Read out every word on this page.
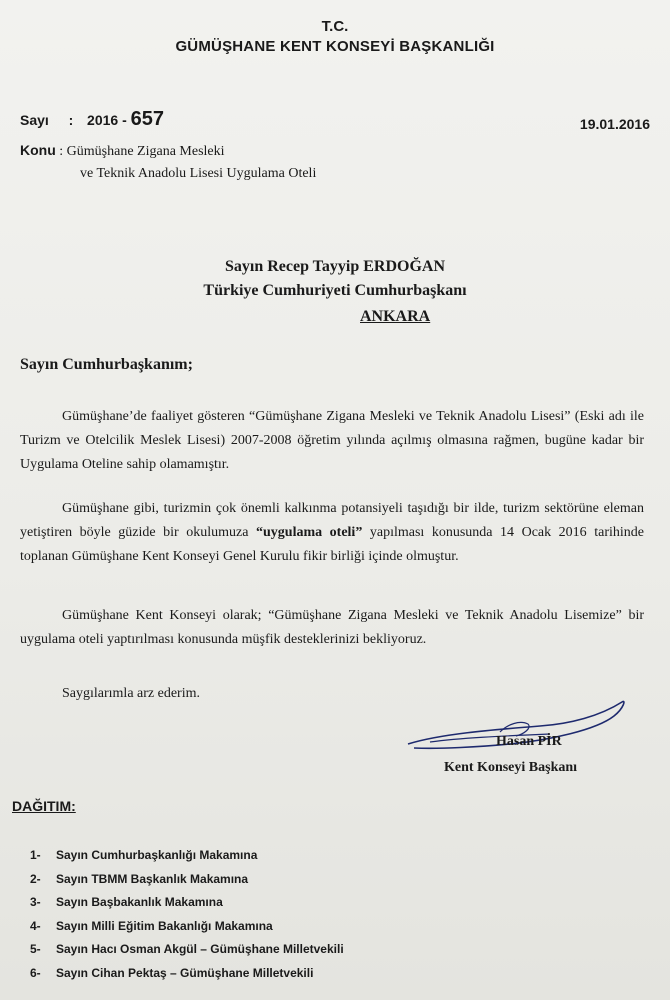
T.C.
GÜMÜŞHANE KENT KONSEYİ BAŞKANLIĞI
Sayı : 2016 - 657	19.01.2016
Konu : Gümüşhane Zigana Mesleki
ve Teknik Anadolu Lisesi Uygulama Oteli
Sayın Recep Tayyip ERDOĞAN
Türkiye Cumhuriyeti Cumhurbaşkanı
ANKARA
Sayın Cumhurbaşkanım;
Gümüşhane’de faaliyet gösteren “Gümüşhane Zigana Mesleki ve Teknik Anadolu Lisesi” (Eski adı ile Turizm ve Otelcilik Meslek Lisesi) 2007-2008 öğretim yılında açılmış olmasına rağmen, bugüne kadar bir Uygulama Oteline sahip olamamıştır.
Gümüşhane gibi, turizmin çok önemli kalkınma potansiyeli taşıdığı bir ilde, turizm sektörüne eleman yetiştiren böyle güzide bir okulumuza “uygulama oteli” yapılması konusunda 14 Ocak 2016 tarihinde toplanan Gümüşhane Kent Konseyi Genel Kurulu fikir birliği içinde olmuştur.
Gümüşhane Kent Konseyi olarak; “Gümüşhane Zigana Mesleki ve Teknik Anadolu Lisemize” bir uygulama oteli yaptırılması konusunda müşfik desteklerinizi bekliyoruz.
Saygılarımla arz ederim.
Hasan PİR
Kent Konseyi Başkanı
DAĞITIM:
1- Sayın Cumhurbaşkanlığı Makamına
2- Sayın TBMM Başkanlık Makamına
3- Sayın Başbakanlık Makamına
4- Sayın Milli Eğitim Bakanlığı Makamına
5- Sayın Hacı Osman Akgül – Gümüşhane Milletvekili
6- Sayın Cihan Pektaş – Gümüşhane Milletvekili
